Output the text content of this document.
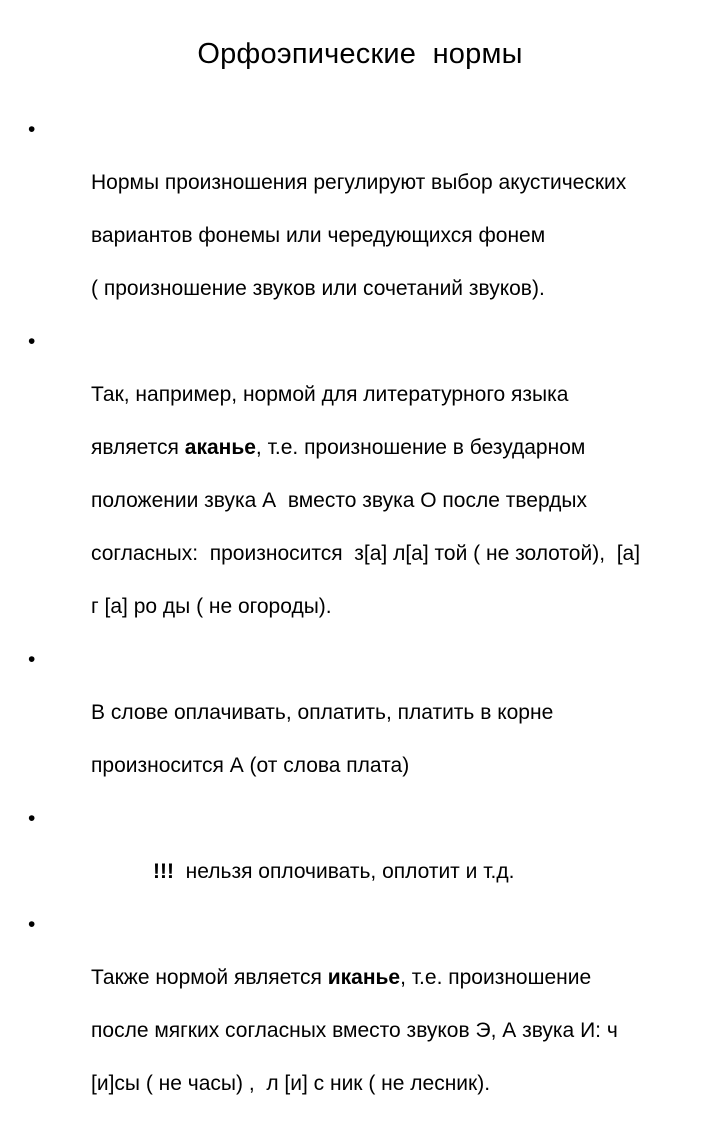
Орфоэпические  нормы

•

Нормы произношения регулируют выбор акустических

вариантов фонемы или чередующихся фонем

( произношение звуков или сочетаний звуков).

•

Так, например, нормой для литературного языка

является аканье, т.е. произношение в безударном

положении звука А  вместо звука О после твердых

согласных:  произносится  з[а] л[а] той ( не золотой),  [а]

г [а] ро ды ( не огороды).

•

В слове оплачивать, оплатить, платить в корне

произносится А (от слова плата)

•

!!!  нельзя оплочивать, оплотит и т.д.

•

Также нормой является иканье, т.е. произношение

после мягких согласных вместо звуков Э, А звука И: ч

[и]сы ( не часы) ,  л [и] с ник ( не лесник).
